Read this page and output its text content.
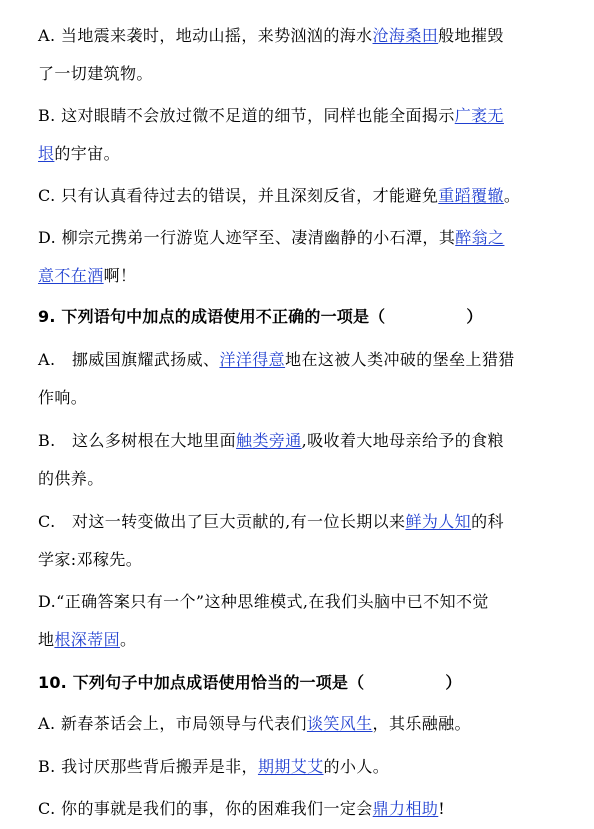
A. 当地震来袭时，地动山摇，来势汹汹的海水沧海桑田般地摧毁
了一切建筑物。
B. 这对眼睛不会放过微不足道的细节，同样也能全面揭示广袤无
垠的宇宙。
C. 只有认真看待过去的错误，并且深刻反省，才能避免重蹈覆辙。
D. 柳宗元携弟一行游览人迹罕至、凄清幽静的小石潭，其醉翁之
意不在酒啊！
9. 下列语句中加点的成语使用不正确的一项是（　　　　　）
A.　挪威国旗耀武扬威、洋洋得意地在这被人类冲破的堡垒上猎猎
作响。
B.　这么多树根在大地里面触类旁通,吸收着大地母亲给予的食粮
的供养。
C.　对这一转变做出了巨大贡献的,有一位长期以来鲜为人知的科
学家:邓稼先。
D.“正确答案只有一个”这种思维模式,在我们头脑中已不知不觉
地根深蒂固。
10. 下列句子中加点成语使用恰当的一项是（　　　　　）
A. 新春茶话会上，市局领导与代表们谈笑风生，其乐融融。
B. 我讨厌那些背后搬弄是非，期期艾艾的小人。
C. 你的事就是我们的事，你的困难我们一定会鼎力相助!
